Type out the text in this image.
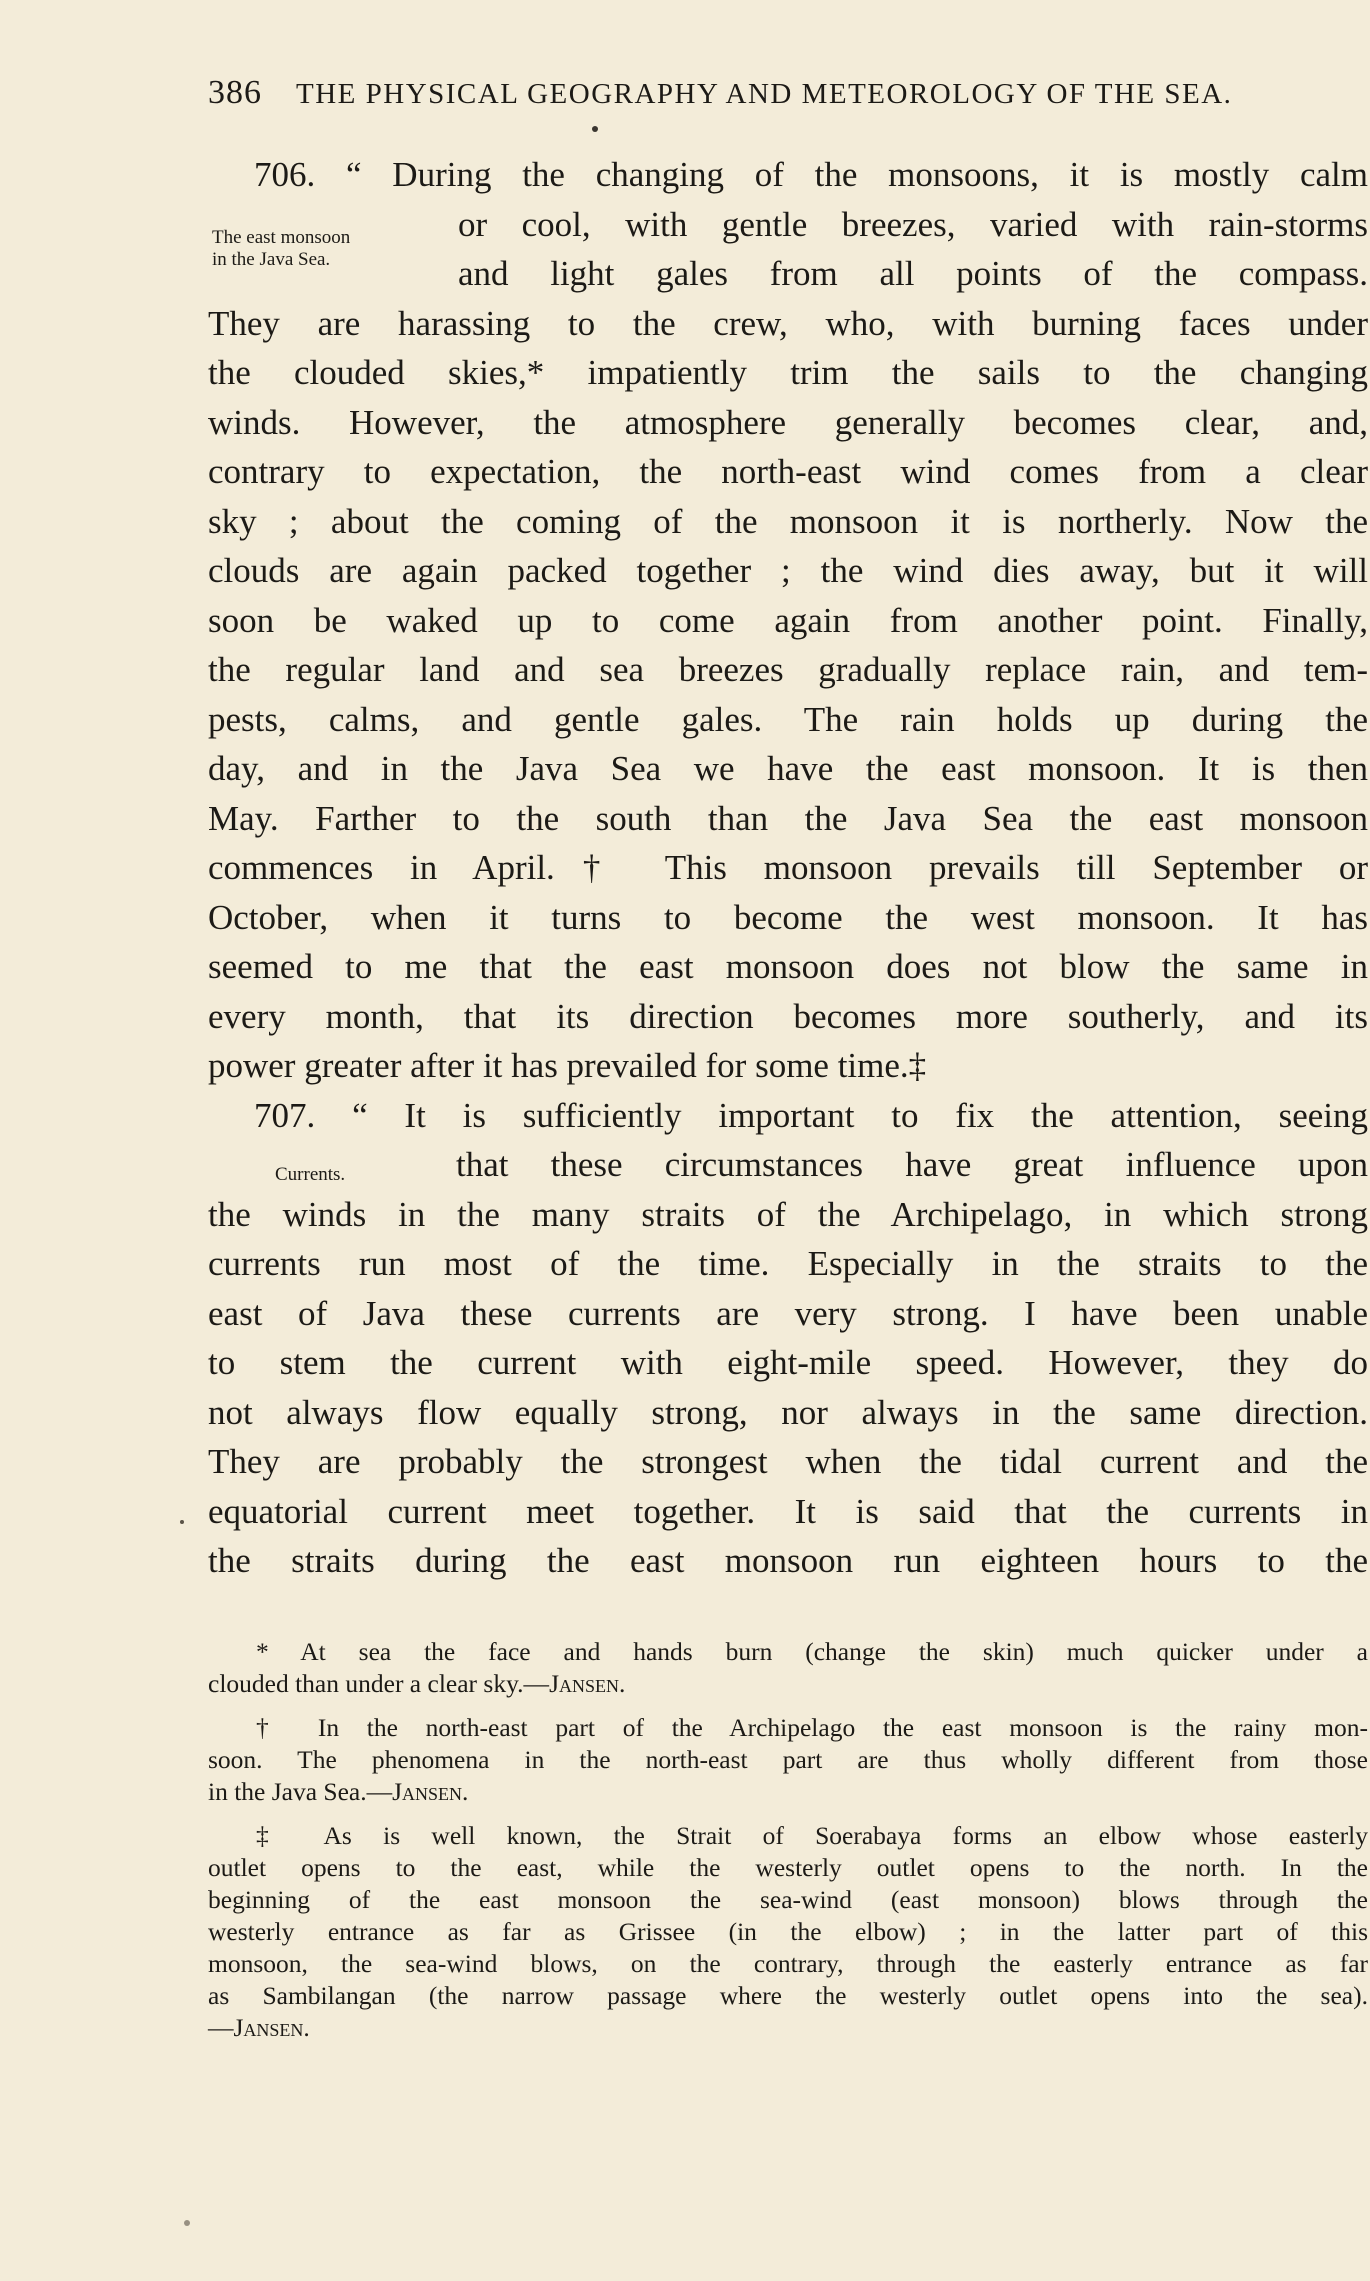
386 THE PHYSICAL GEOGRAPHY AND METEOROLOGY OF THE SEA.
The east monsoon
in the Java Sea.
Currents.
706. “ During the changing of the monsoons, it is mostly calm
or cool, with gentle breezes, varied with rain-storms
and light gales from all points of the compass.
They are harassing to the crew, who, with burning faces under
the clouded skies,* impatiently trim the sails to the changing
winds. However, the atmosphere generally becomes clear, and,
contrary to expectation, the north-east wind comes from a clear
sky ; about the coming of the monsoon it is northerly. Now the
clouds are again packed together ; the wind dies away, but it will
soon be waked up to come again from another point. Finally,
the regular land and sea breezes gradually replace rain, and tem-
pests, calms, and gentle gales. The rain holds up during the
day, and in the Java Sea we have the east monsoon. It is then
May. Farther to the south than the Java Sea the east monsoon
commences in April.† This monsoon prevails till September or
October, when it turns to become the west monsoon. It has
seemed to me that the east monsoon does not blow the same in
every month, that its direction becomes more southerly, and its
power greater after it has prevailed for some time.‡
707. “ It is sufficiently important to fix the attention, seeing
that these circumstances have great influence upon
the winds in the many straits of the Archipelago, in which strong
currents run most of the time. Especially in the straits to the
east of Java these currents are very strong. I have been unable
to stem the current with eight-mile speed. However, they do
not always flow equally strong, nor always in the same direction.
They are probably the strongest when the tidal current and the
equatorial current meet together. It is said that the currents in
the straits during the east monsoon run eighteen hours to the
* At sea the face and hands burn (change the skin) much quicker under a
clouded than under a clear sky.—Jansen.
† In the north-east part of the Archipelago the east monsoon is the rainy mon-
soon. The phenomena in the north-east part are thus wholly different from those
in the Java Sea.—Jansen.
‡ As is well known, the Strait of Soerabaya forms an elbow whose easterly
outlet opens to the east, while the westerly outlet opens to the north. In the
beginning of the east monsoon the sea-wind (east monsoon) blows through the
westerly entrance as far as Grissee (in the elbow) ; in the latter part of this
monsoon, the sea-wind blows, on the contrary, through the easterly entrance as far
as Sambilangan (the narrow passage where the westerly outlet opens into the sea).
—Jansen.
